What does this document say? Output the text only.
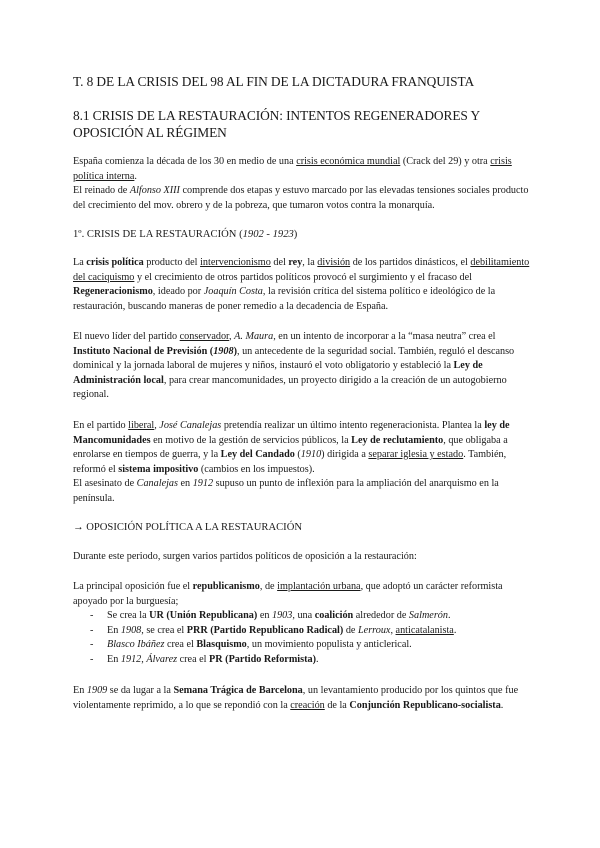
T. 8 DE LA CRISIS DEL 98 AL FIN DE LA DICTADURA FRANQUISTA
8.1 CRISIS DE LA RESTAURACIÓN: INTENTOS REGENERADORES Y OPOSICIÓN AL RÉGIMEN

España comienza la década de los 30 en medio de una crisis económica mundial (Crack del 29) y otra crisis política interna.
El reinado de Alfonso XIII comprende dos etapas y estuvo marcado por las elevadas tensiones sociales producto del crecimiento del mov. obrero y de la pobreza, que tumaron votos contra la monarquía.

1º. CRISIS DE LA RESTAURACIÓN (1902 - 1923)

La crisis política producto del intervencionismo del rey, la división de los partidos dinásticos, el debilitamiento del caciquismo y el crecimiento de otros partidos políticos provocó el surgimiento y el fracaso del Regeneracionismo, ideado por Joaquín Costa, la revisión crítica del sistema político e ideológico de la restauración, buscando maneras de poner remedio a la decadencia de España.

El nuevo líder del partido conservador, A. Maura, en un intento de incorporar a la “masa neutra” crea el Instituto Nacional de Previsión (1908), un antecedente de la seguridad social. También, reguló el descanso dominical y la jornada laboral de mujeres y niños, instauró el voto obligatorio y estableció la Ley de Administración local, para crear mancomunidades, un proyecto dirigido a la creación de un autogobierno regional.

En el partido liberal, José Canalejas pretendía realizar un último intento regeneracionista. Plantea la ley de Mancomunidades en motivo de la gestión de servicios públicos, la Ley de reclutamiento, que obligaba a enrolarse en tiempos de guerra, y la Ley del Candado (1910) dirigida a separar iglesia y estado. También, reformó el sistema impositivo (cambios en los impuestos).
El asesinato de Canalejas en 1912 supuso un punto de inflexión para la ampliación del anarquismo en la península.

→ OPOSICIÓN POLÍTICA A LA RESTAURACIÓN

Durante este periodo, surgen varios partidos políticos de oposición a la restauración:

La principal oposición fue el republicanismo, de implantación urbana, que adoptó un carácter reformista apoyado por la burguesía;

- Se crea la UR (Unión Republicana) en 1903, una coalición alrededor de Salmerón.
- En 1908, se crea el PRR (Partido Republicano Radical) de Lerroux, anticatalanista.
- Blasco Ibáñez crea el Blasquismo, un movimiento populista y anticlerical.
- En 1912, Álvarez crea el PR (Partido Reformista).

En 1909 se da lugar a la Semana Trágica de Barcelona, un levantamiento producido por los quintos que fue violentamente reprimido, a lo que se repondió con la creación de la Conjunción Republicano-socialista.
